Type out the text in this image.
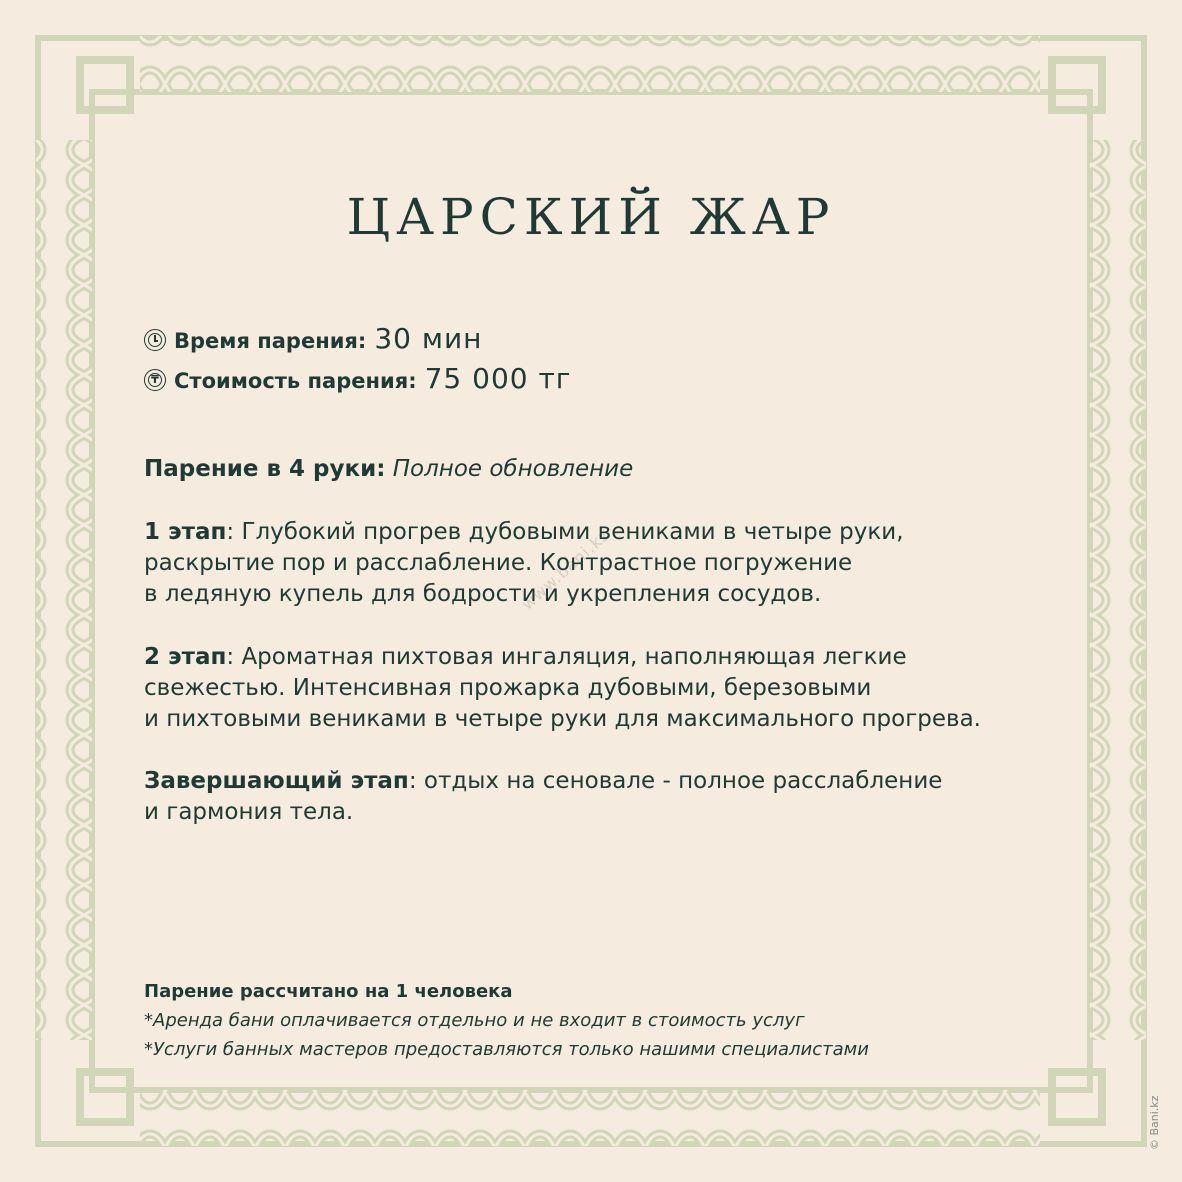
ЦАРСКИЙ ЖАР
Время парения: 30 мин
₸ Стоимость парения: 75 000 тг

Парение в 4 руки: Полное обновление

1 этап: Глубокий прогрев дубовыми вениками в четыре руки,
раскрытие пор и расслабление. Контрастное погружение
в ледяную купель для бодрости и укрепления сосудов.

2 этап: Ароматная пихтовая ингаляция, наполняющая легкие
свежестью. Интенсивная прожарка дубовыми, березовыми
и пихтовыми вениками в четыре руки для максимального прогрева.

Завершающий этап: отдых на сеновале - полное расслабление
и гармония тела.

Парение рассчитано на 1 человека
*Аренда бани оплачивается отдельно и не входит в стоимость услуг
*Услуги банных мастеров предоставляются только нашими специалистами
www.bani.kz
© Bani.kz
